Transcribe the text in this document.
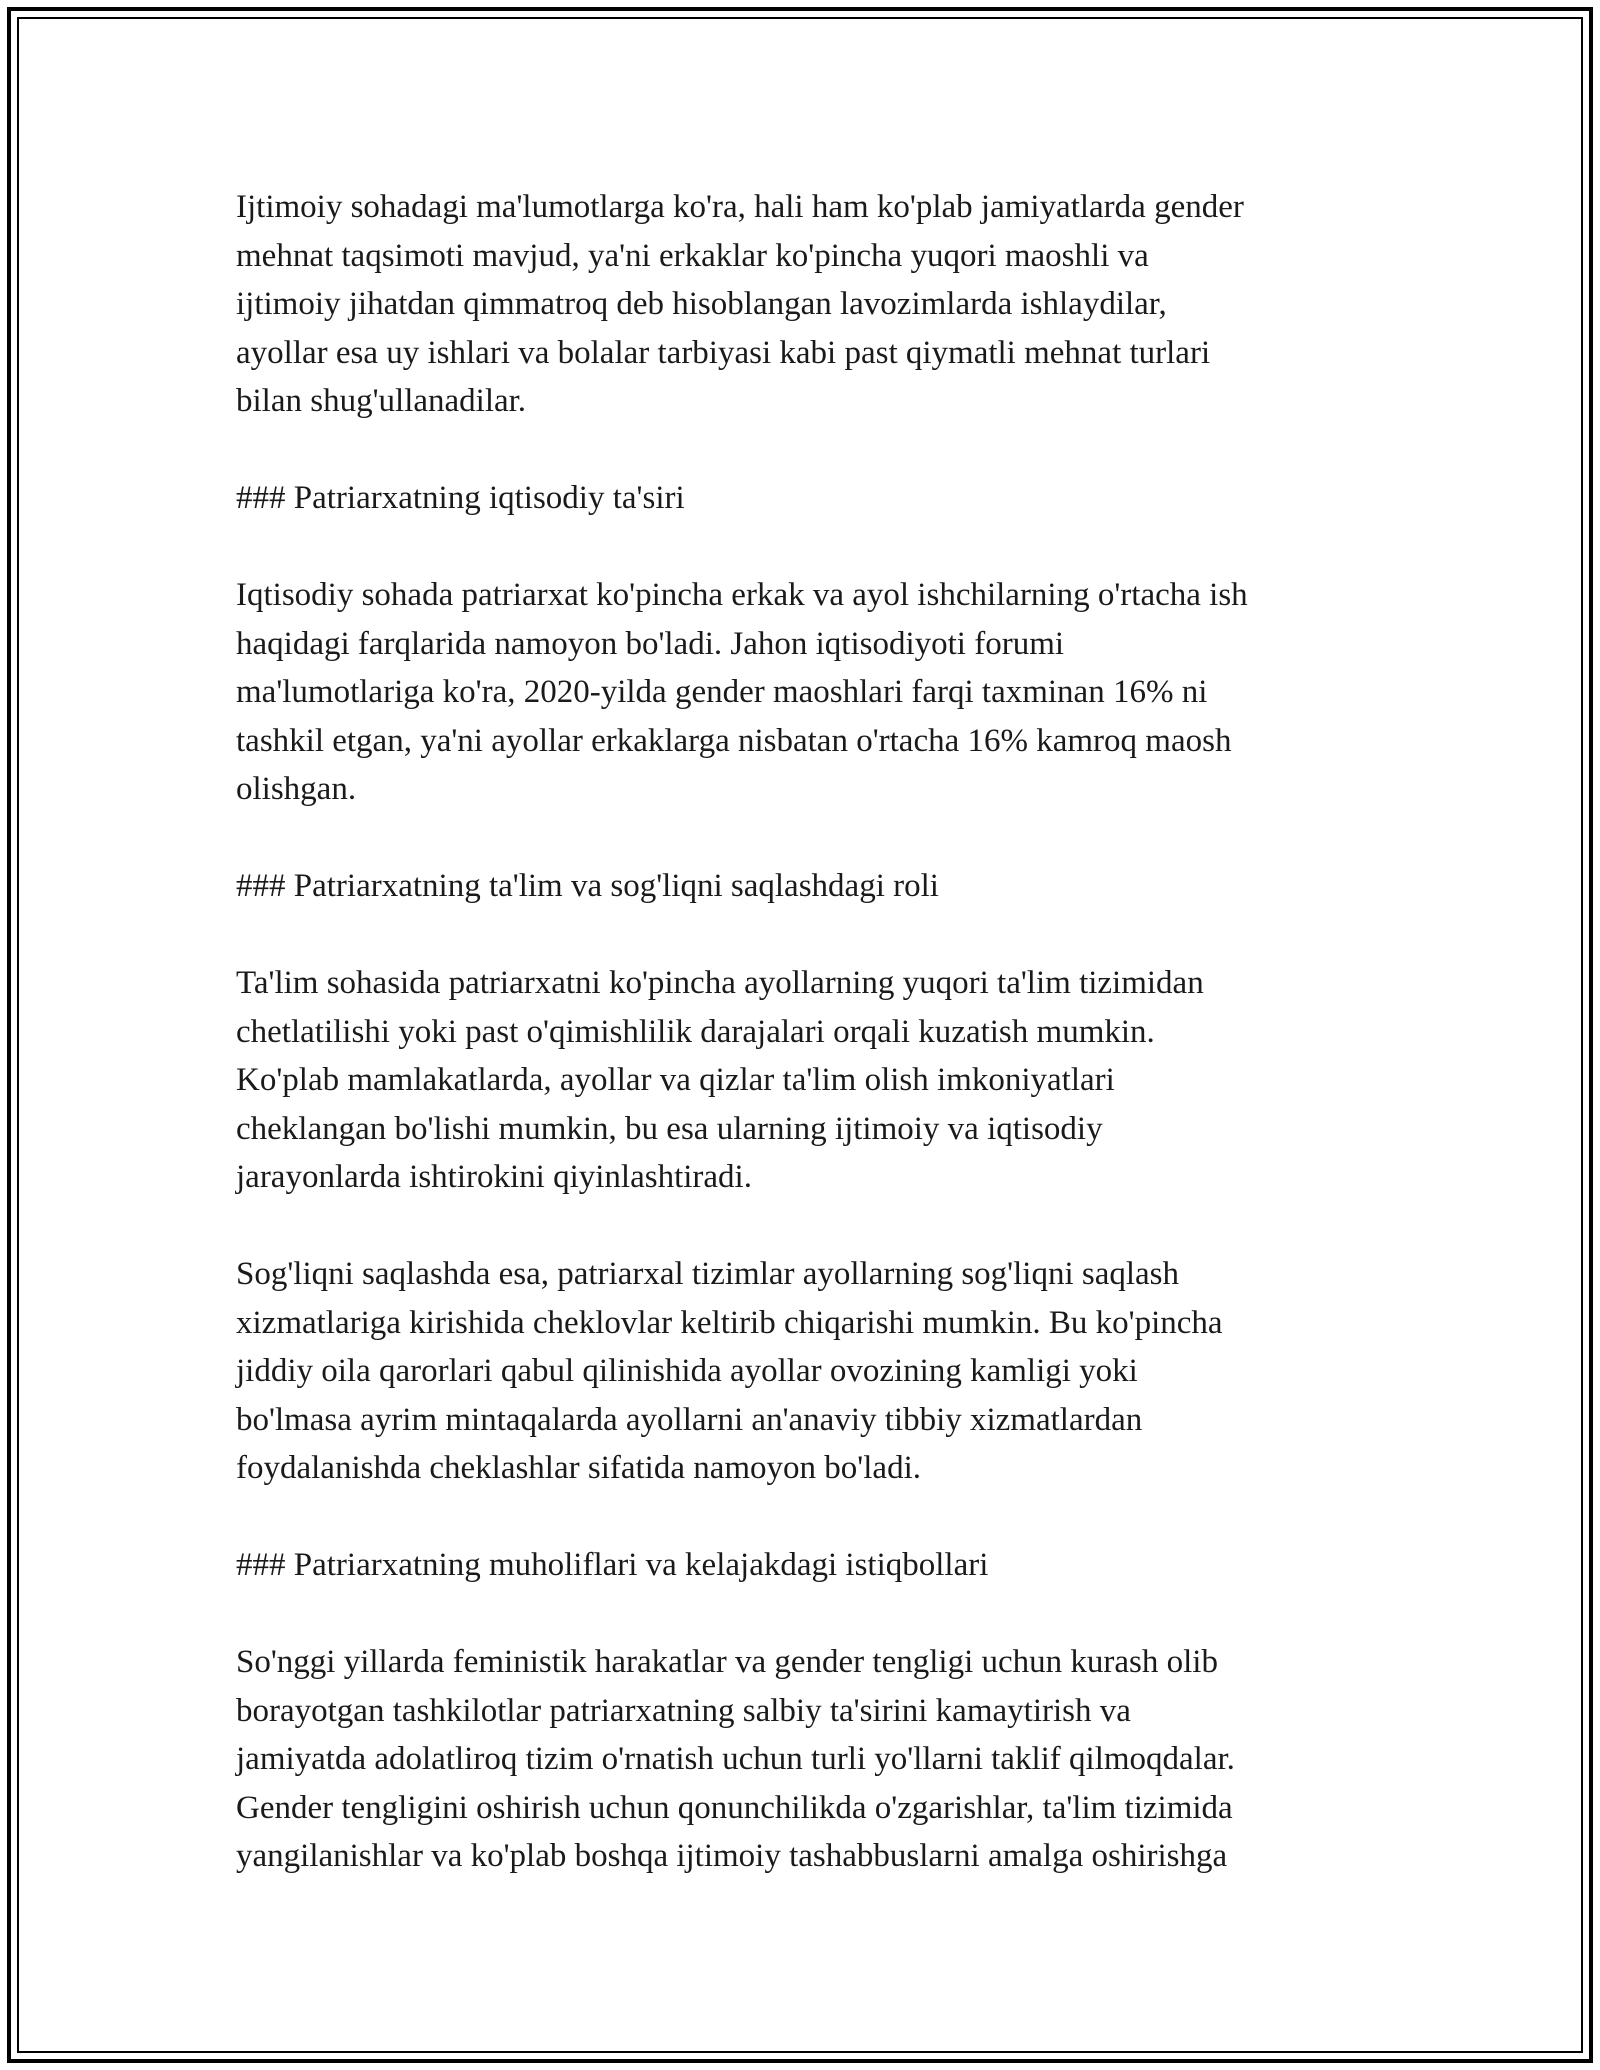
Ijtimoiy sohadagi ma'lumotlarga ko'ra, hali ham ko'plab jamiyatlarda gender
mehnat taqsimoti mavjud, ya'ni erkaklar ko'pincha yuqori maoshli va
ijtimoiy jihatdan qimmatroq deb hisoblangan lavozimlarda ishlaydilar,
ayollar esa uy ishlari va bolalar tarbiyasi kabi past qiymatli mehnat turlari
bilan shug'ullanadilar.
### Patriarxatning iqtisodiy ta'siri
Iqtisodiy sohada patriarxat ko'pincha erkak va ayol ishchilarning o'rtacha ish
haqidagi farqlarida namoyon bo'ladi. Jahon iqtisodiyoti forumi
ma'lumotlariga ko'ra, 2020-yilda gender maoshlari farqi taxminan 16% ni
tashkil etgan, ya'ni ayollar erkaklarga nisbatan o'rtacha 16% kamroq maosh
olishgan.
### Patriarxatning ta'lim va sog'liqni saqlashdagi roli
Ta'lim sohasida patriarxatni ko'pincha ayollarning yuqori ta'lim tizimidan
chetlatilishi yoki past o'qimishlilik darajalari orqali kuzatish mumkin.
Ko'plab mamlakatlarda, ayollar va qizlar ta'lim olish imkoniyatlari
cheklangan bo'lishi mumkin, bu esa ularning ijtimoiy va iqtisodiy
jarayonlarda ishtirokini qiyinlashtiradi.
Sog'liqni saqlashda esa, patriarxal tizimlar ayollarning sog'liqni saqlash
xizmatlariga kirishida cheklovlar keltirib chiqarishi mumkin. Bu ko'pincha
jiddiy oila qarorlari qabul qilinishida ayollar ovozining kamligi yoki
bo'lmasa ayrim mintaqalarda ayollarni an'anaviy tibbiy xizmatlardan
foydalanishda cheklashlar sifatida namoyon bo'ladi.
### Patriarxatning muholiflari va kelajakdagi istiqbollari
So'nggi yillarda feministik harakatlar va gender tengligi uchun kurash olib
borayotgan tashkilotlar patriarxatning salbiy ta'sirini kamaytirish va
jamiyatda adolatliroq tizim o'rnatish uchun turli yo'llarni taklif qilmoqdalar.
Gender tengligini oshirish uchun qonunchilikda o'zgarishlar, ta'lim tizimida
yangilanishlar va ko'plab boshqa ijtimoiy tashabbuslarni amalga oshirishga
